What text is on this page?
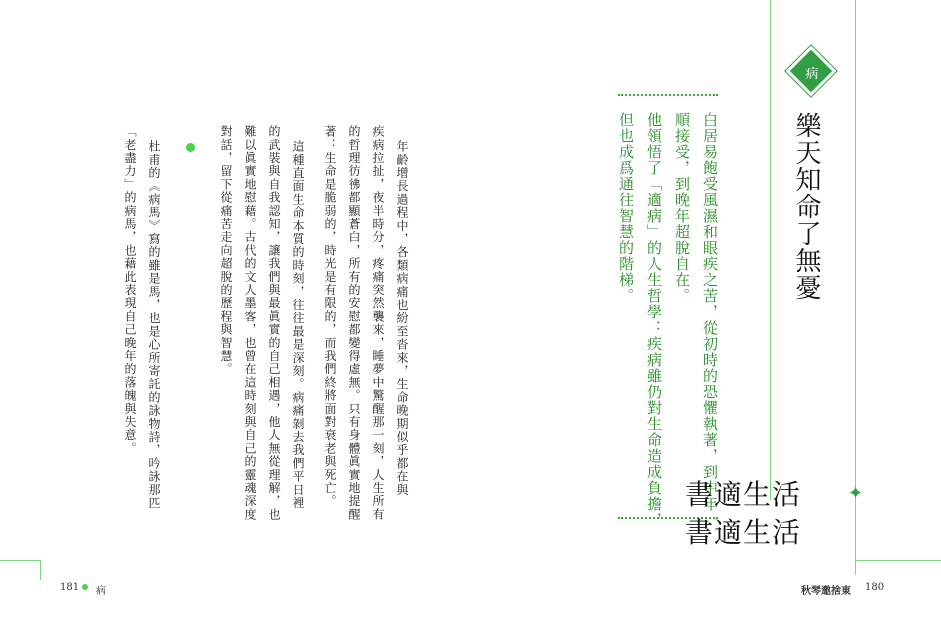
病
樂天知命了無憂
白居易飽受風濕和眼疾之苦，從初時的恐懼執著，到中年
順接受，到晚年超脫自在。
他領悟了「適病」的人生哲學：疾病雖仍對生命造成負擔，
但也成爲通往智慧的階梯。
書適生活
書適生活
✦
年齡增長過程中，各類病痛也紛至沓來，生命晚期似乎都在與
疾病拉扯，夜半時分，疼痛突然襲來，睡夢中驚醒那一刻，人生所有
的哲理彷彿都顯蒼白，所有的安慰都變得虛無。只有身體眞實地提醒
著：生命是脆弱的，時光是有限的，而我們終將面對衰老與死亡。
這種直面生命本質的時刻，往往最是深刻。病痛剝去我們平日裡
的武裝與自我認知，讓我們與最眞實的自己相遇，他人無從理解，也
難以眞實地慰藉。古代的文人墨客，也曾在這時刻與自己的靈魂深度
對話，留下從痛苦走向超脫的歷程與智慧。
杜甫的《病馬》寫的雖是馬，也是心所寄託的詠物詩，吟詠那匹
「老盡力」的病馬，也藉此表現自己晚年的落魄與失意。
181 病	秋琴邀捨東 180
